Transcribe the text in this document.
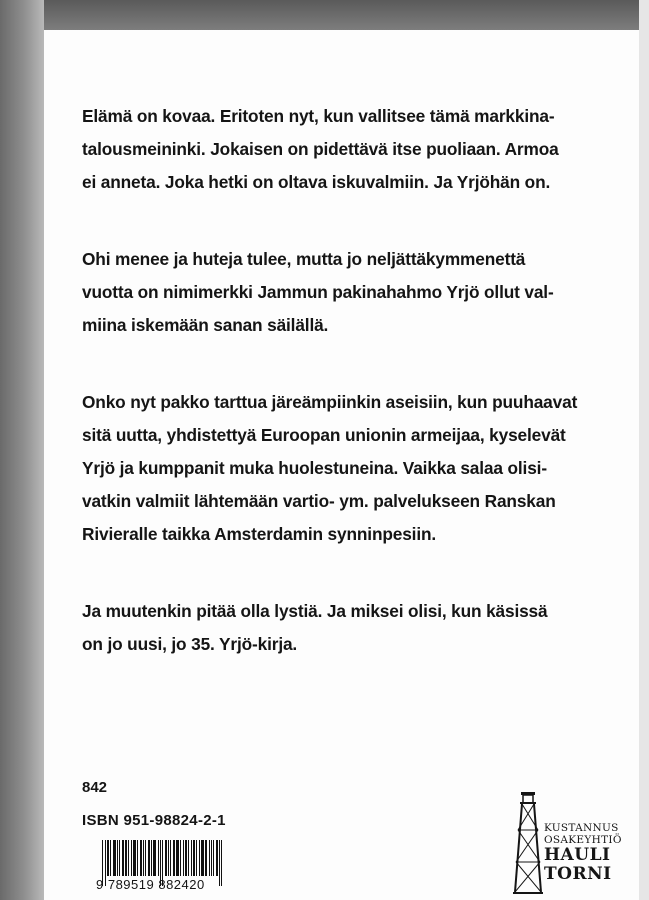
Elämä on kovaa. Eritoten nyt, kun vallitsee tämä markkina-
talousmeininki. Jokaisen on pidettävä itse puoliaan. Armoa
ei anneta. Joka hetki on oltava iskuvalmiin. Ja Yrjöhän on.

Ohi menee ja huteja tulee, mutta jo neljättäkymmenettä
vuotta on nimimerkki Jammun pakinahahmo Yrjö ollut val-
miina iskemään sanan säilällä.

Onko nyt pakko tarttua järeämpiinkin aseisiin, kun puuhaavat
sitä uutta, yhdistettyä Euroopan unionin armeijaa, kyselevät
Yrjö ja kumppanit muka huolestuneina. Vaikka salaa olisi-
vatkin valmiit lähtemään vartio- ym. palvelukseen Ranskan
Rivieralle taikka Amsterdamin synninpesiin.

Ja muutenkin pitää olla lystiä. Ja miksei olisi, kun käsissä
on jo uusi, jo 35. Yrjö-kirja.

842
ISBN 951-98824-2-1
9 789519 882420
KUSTANNUS
OSAKEYHTIÖ
HAULI
TORNI
